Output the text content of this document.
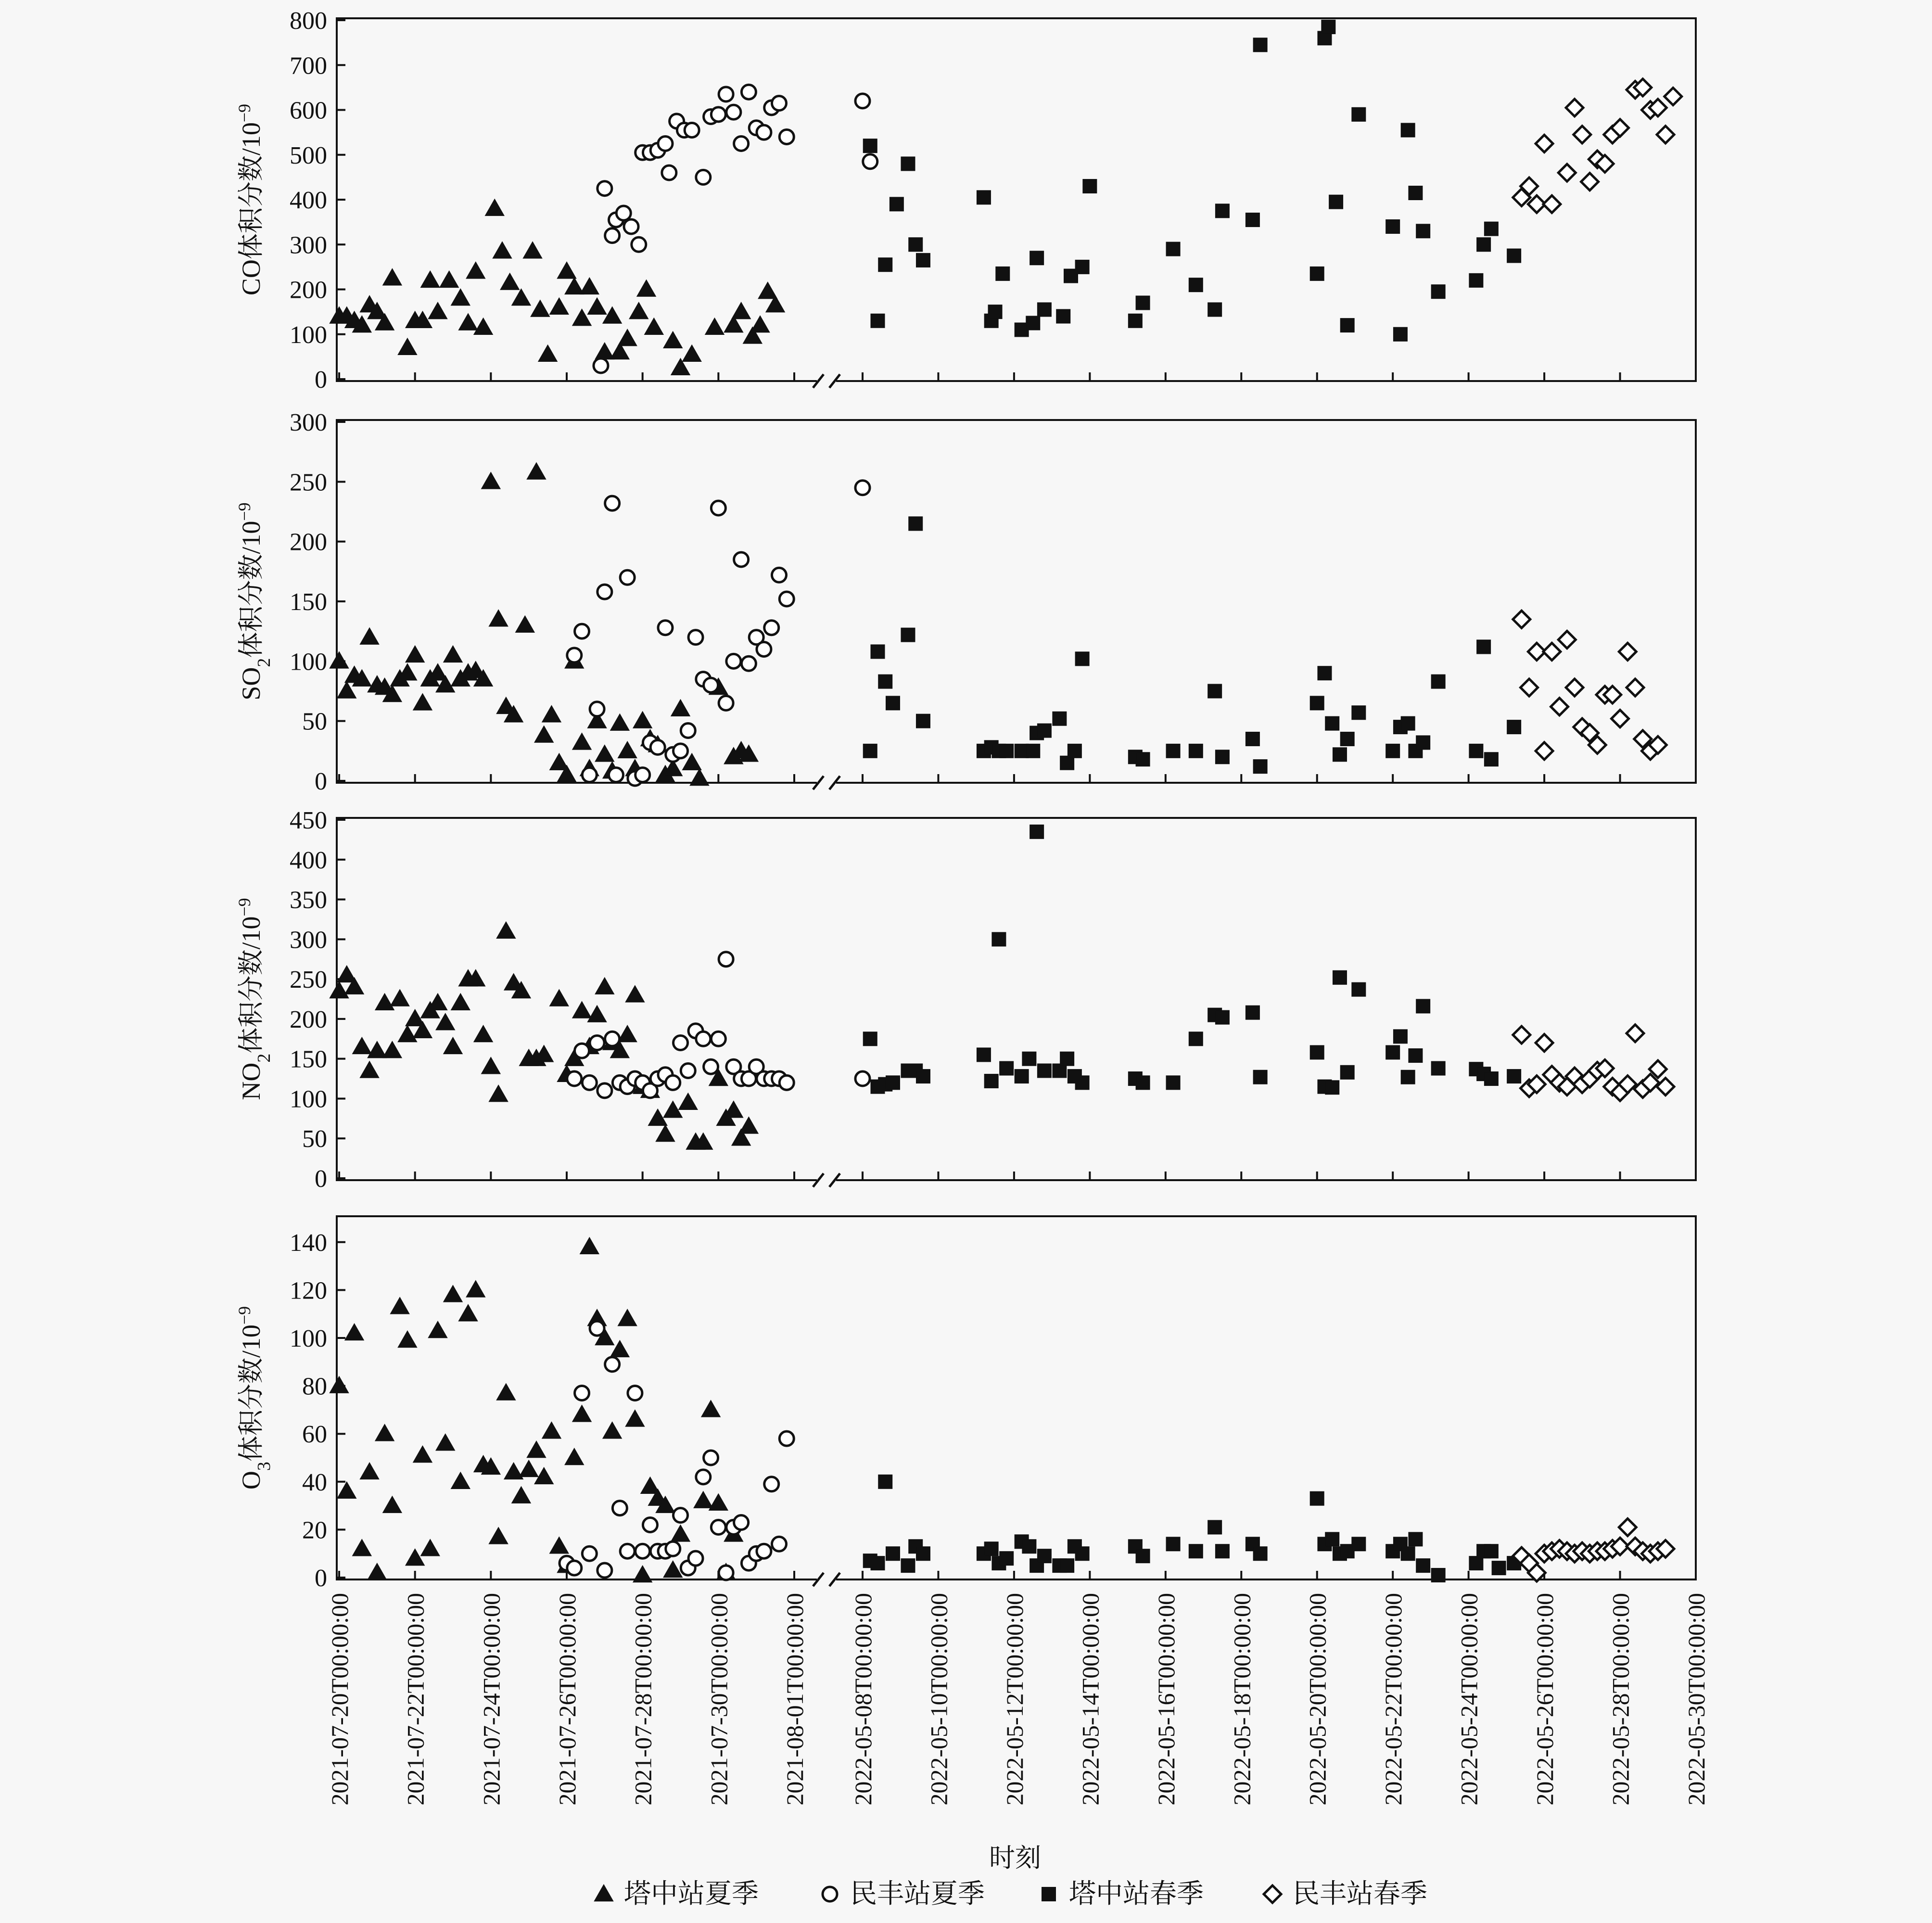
0
100
200
300
400
500
600
700
800
CO体积分数$/10^{-9}$
0
50
100
150
200
250
300
$SO_2$体积分数$/10^{-9}$
0
50
100
150
200
250
300
350
400
450
$NO_2$体积分数$/10^{-9}$
0
20
40
60
80
100
120
140
$O_3$体积分数$/10^{-9}$
2021-07-20T00:00:00 2021-07-22T00:00:00 2021-07-24T00:00:00 2021-07-26T00:00:00 2021-07-28T00:00:00 2021-07-30T00:00:00 2021-08-01T00:00:00 2022-05-08T00:00:00 2022-05-10T00:00:00 2022-05-12T00:00:00 2022-05-14T00:00:00 2022-05-16T00:00:00 2022-05-18T00:00:00 2022-05-20T00:00:00 2022-05-22T00:00:00 2022-05-24T00:00:00 2022-05-26T00:00:00 2022-05-28T00:00:00 2022-05-30T00:00:00
时刻
塔中站夏季	民丰站夏季	塔中站春季	民丰站春季
